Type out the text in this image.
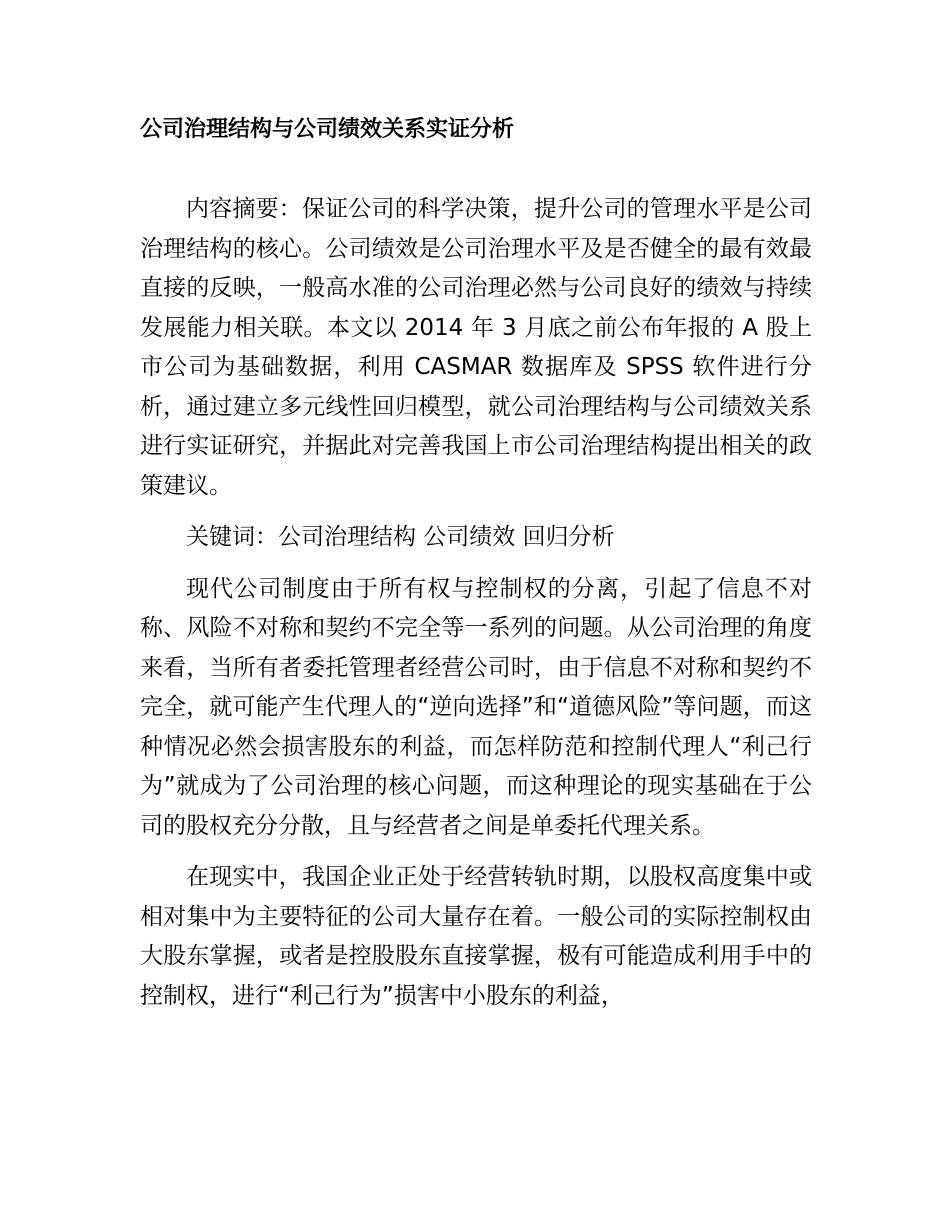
公司治理结构与公司绩效关系实证分析

内容摘要：保证公司的科学决策，提升公司的管理水平是公司治理结构的核心。公司绩效是公司治理水平及是否健全的最有效最直接的反映，一般高水准的公司治理必然与公司良好的绩效与持续发展能力相关联。本文以 2014 年 3 月底之前公布年报的 A 股上市公司为基础数据，利用 CASMAR 数据库及 SPSS 软件进行分析，通过建立多元线性回归模型，就公司治理结构与公司绩效关系进行实证研究，并据此对完善我国上市公司治理结构提出相关的政策建议。

关键词：公司治理结构 公司绩效 回归分析

现代公司制度由于所有权与控制权的分离，引起了信息不对称、风险不对称和契约不完全等一系列的问题。从公司治理的角度来看，当所有者委托管理者经营公司时，由于信息不对称和契约不完全，就可能产生代理人的“逆向选择”和“道德风险”等问题，而这种情况必然会损害股东的利益，而怎样防范和控制代理人“利己行为”就成为了公司治理的核心问题，而这种理论的现实基础在于公司的股权充分分散，且与经营者之间是单委托代理关系。

在现实中，我国企业正处于经营转轨时期，以股权高度集中或相对集中为主要特征的公司大量存在着。一般公司的实际控制权由大股东掌握，或者是控股股东直接掌握，极有可能造成利用手中的控制权，进行“利己行为”损害中小股东的利益，
